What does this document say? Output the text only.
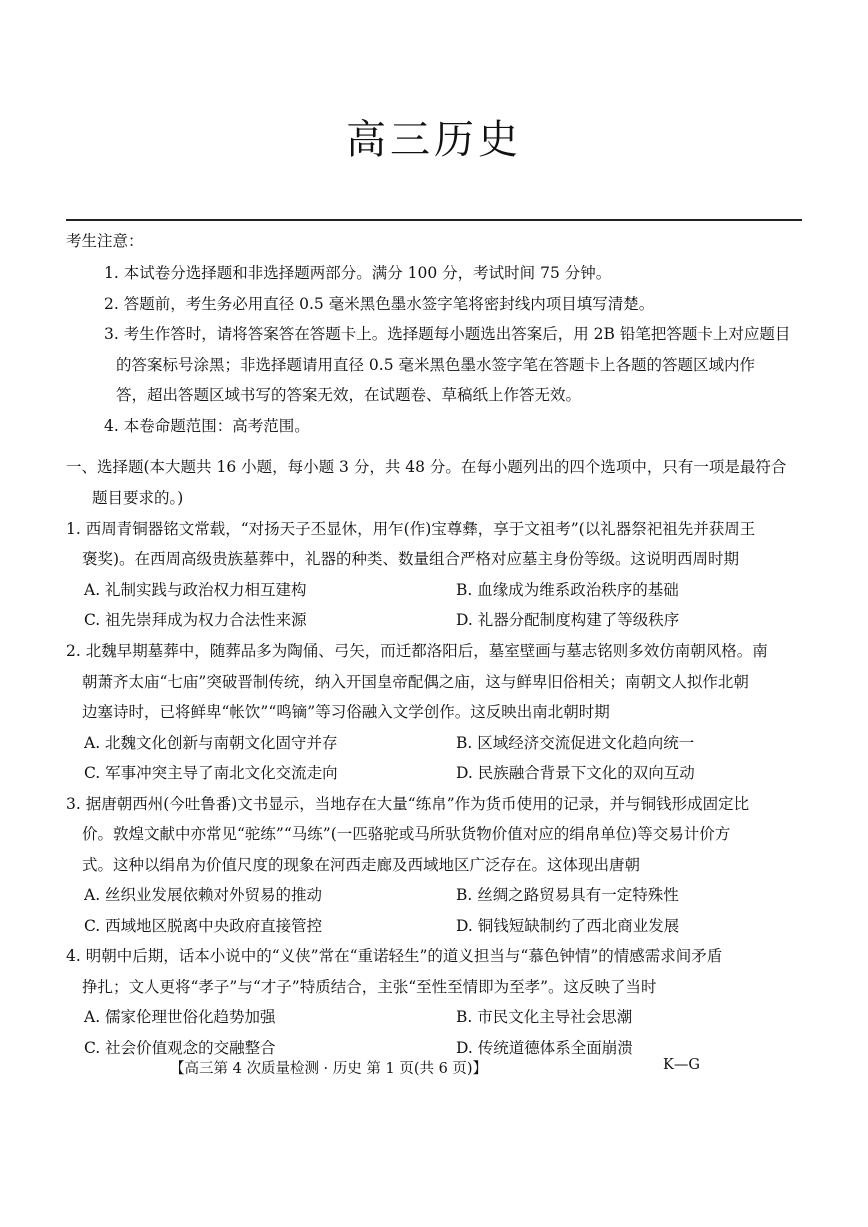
高三历史
考生注意：
1. 本试卷分选择题和非选择题两部分。满分 100 分，考试时间 75 分钟。
2. 答题前，考生务必用直径 0.5 毫米黑色墨水签字笔将密封线内项目填写清楚。
3. 考生作答时，请将答案答在答题卡上。选择题每小题选出答案后，用 2B 铅笔把答题卡上对应题目
的答案标号涂黑；非选择题请用直径 0.5 毫米黑色墨水签字笔在答题卡上各题的答题区域内作
答，超出答题区域书写的答案无效，在试题卷、草稿纸上作答无效。
4. 本卷命题范围：高考范围。
一、选择题(本大题共 16 小题，每小题 3 分，共 48 分。在每小题列出的四个选项中，只有一项是最符合
题目要求的。)
1. 西周青铜器铭文常载，“对扬天子丕显休，用乍(作)宝尊彝，享于文祖考”(以礼器祭祀祖先并获周王
褒奖)。在西周高级贵族墓葬中，礼器的种类、数量组合严格对应墓主身份等级。这说明西周时期
A. 礼制实践与政治权力相互建构	B. 血缘成为维系政治秩序的基础
C. 祖先崇拜成为权力合法性来源	D. 礼器分配制度构建了等级秩序
2. 北魏早期墓葬中，随葬品多为陶俑、弓矢，而迁都洛阳后，墓室壁画与墓志铭则多效仿南朝风格。南
朝萧齐太庙“七庙”突破晋制传统，纳入开国皇帝配偶之庙，这与鲜卑旧俗相关；南朝文人拟作北朝
边塞诗时，已将鲜卑“帐饮”“鸣镝”等习俗融入文学创作。这反映出南北朝时期
A. 北魏文化创新与南朝文化固守并存	B. 区域经济交流促进文化趋向统一
C. 军事冲突主导了南北文化交流走向	D. 民族融合背景下文化的双向互动
3. 据唐朝西州(今吐鲁番)文书显示，当地存在大量“练帛”作为货币使用的记录，并与铜钱形成固定比
价。敦煌文献中亦常见“驼练”“马练”(一匹骆驼或马所驮货物价值对应的绢帛单位)等交易计价方
式。这种以绢帛为价值尺度的现象在河西走廊及西域地区广泛存在。这体现出唐朝
A. 丝织业发展依赖对外贸易的推动	B. 丝绸之路贸易具有一定特殊性
C. 西域地区脱离中央政府直接管控	D. 铜钱短缺制约了西北商业发展
4. 明朝中后期，话本小说中的“义侠”常在“重诺轻生”的道义担当与“慕色钟情”的情感需求间矛盾
挣扎；文人更将“孝子”与“才子”特质结合，主张“至性至情即为至孝”。这反映了当时
A. 儒家伦理世俗化趋势加强	B. 市民文化主导社会思潮
C. 社会价值观念的交融整合	D. 传统道德体系全面崩溃
【高三第 4 次质量检测 · 历史 第 1 页(共 6 页)】	K—G
